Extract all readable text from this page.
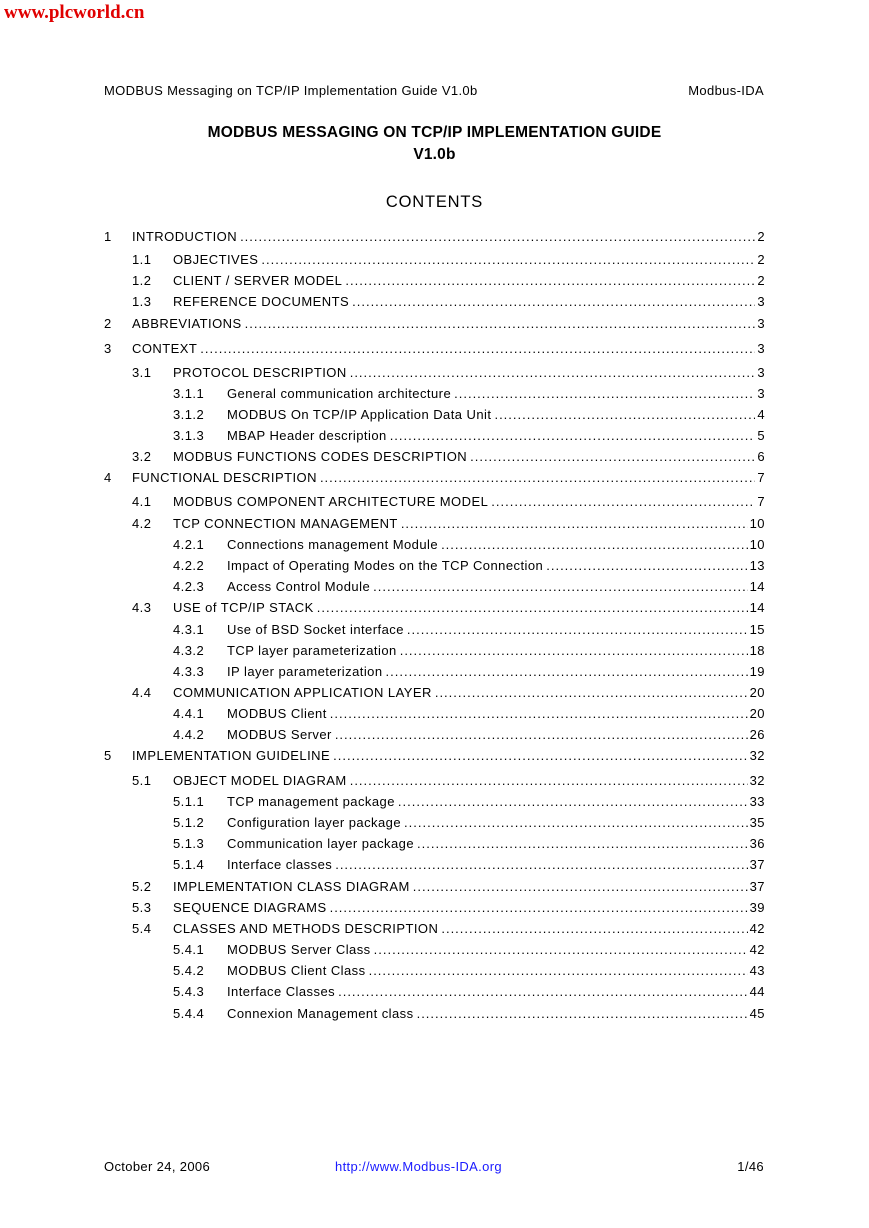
www.plcworld.cn
MODBUS Messaging on TCP/IP Implementation Guide V1.0b	Modbus-IDA
MODBUS MESSAGING ON TCP/IP IMPLEMENTATION GUIDE
V1.0b
CONTENTS
1 INTRODUCTION .....	2
1.1 OBJECTIVES .....	2
1.2 CLIENT / SERVER MODEL .....	2
1.3 REFERENCE DOCUMENTS .....	3
2 ABBREVIATIONS .....	3
3 CONTEXT .....	3
3.1 PROTOCOL DESCRIPTION .....	3
3.1.1 General communication architecture .....	3
3.1.2 MODBUS On TCP/IP Application Data Unit .....	4
3.1.3 MBAP Header description .....	5
3.2 MODBUS FUNCTIONS CODES DESCRIPTION .....	6
4 FUNCTIONAL DESCRIPTION .....	7
4.1 MODBUS COMPONENT ARCHITECTURE MODEL .....	7
4.2 TCP CONNECTION MANAGEMENT .....	10
4.2.1 Connections management Module .....	10
4.2.2 Impact of Operating Modes on the TCP Connection .....	13
4.2.3 Access Control Module .....	14
4.3 USE of TCP/IP STACK .....	14
4.3.1 Use of BSD Socket interface .....	15
4.3.2 TCP layer parameterization .....	18
4.3.3 IP layer parameterization .....	19
4.4 COMMUNICATION APPLICATION LAYER .....	20
4.4.1 MODBUS Client .....	20
4.4.2 MODBUS Server .....	26
5 IMPLEMENTATION GUIDELINE .....	32
5.1 OBJECT MODEL DIAGRAM .....	32
5.1.1 TCP management package .....	33
5.1.2 Configuration layer package .....	35
5.1.3 Communication layer package .....	36
5.1.4 Interface classes .....	37
5.2 IMPLEMENTATION CLASS DIAGRAM .....	37
5.3 SEQUENCE DIAGRAMS .....	39
5.4 CLASSES AND METHODS DESCRIPTION .....	42
5.4.1 MODBUS Server Class .....	42
5.4.2 MODBUS Client Class .....	43
5.4.3 Interface Classes .....	44
5.4.4 Connexion Management class .....	45
October 24, 2006	http://www.Modbus-IDA.org	1/46
